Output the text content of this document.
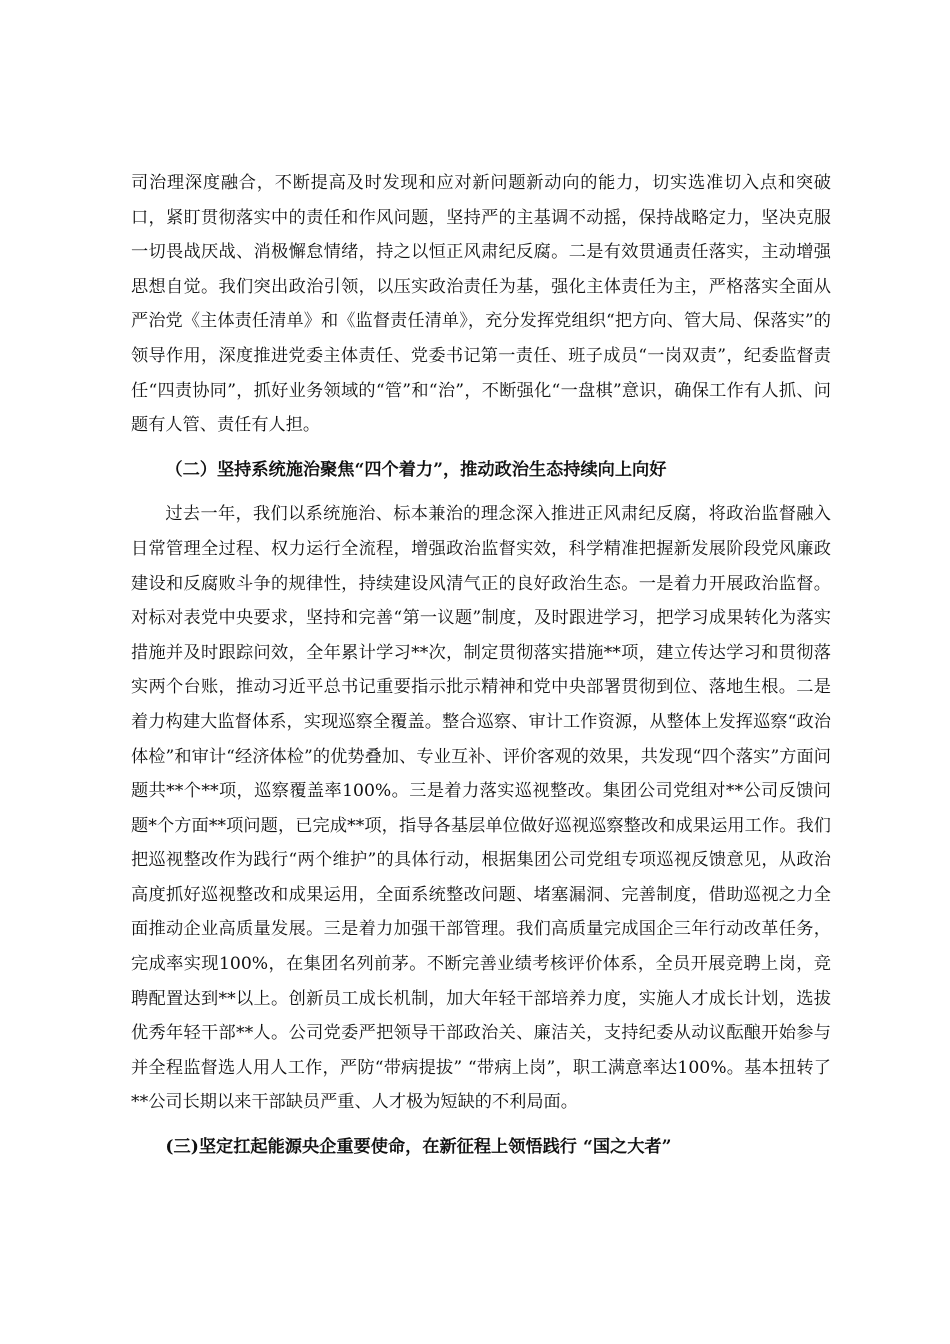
司治理深度融合，不断提高及时发现和应对新问题新动向的能力，切实选准切入点和突破口，紧盯贯彻落实中的责任和作风问题，坚持严的主基调不动摇，保持战略定力，坚决克服一切畏战厌战、消极懈怠情绪，持之以恒正风肃纪反腐。二是有效贯通责任落实，主动增强思想自觉。我们突出政治引领，以压实政治责任为基，强化主体责任为主，严格落实全面从严治党《主体责任清单》和《监督责任清单》，充分发挥党组织“把方向、管大局、保落实”的领导作用，深度推进党委主体责任、党委书记第一责任、班子成员“一岗双责”，纪委监督责任“四责协同”，抓好业务领域的“管”和“治”，不断强化“一盘棋”意识，确保工作有人抓、问题有人管、责任有人担。

（二）坚持系统施治聚焦“四个着力”，推动政治生态持续向上向好

过去一年，我们以系统施治、标本兼治的理念深入推进正风肃纪反腐，将政治监督融入日常管理全过程、权力运行全流程，增强政治监督实效，科学精准把握新发展阶段党风廉政建设和反腐败斗争的规律性，持续建设风清气正的良好政治生态。一是着力开展政治监督。对标对表党中央要求，坚持和完善“第一议题”制度，及时跟进学习，把学习成果转化为落实措施并及时跟踪问效，全年累计学习**次，制定贯彻落实措施**项，建立传达学习和贯彻落实两个台账，推动习近平总书记重要指示批示精神和党中央部署贯彻到位、落地生根。二是着力构建大监督体系，实现巡察全覆盖。整合巡察、审计工作资源，从整体上发挥巡察“政治体检”和审计“经济体检”的优势叠加、专业互补、评价客观的效果，共发现“四个落实”方面问题共**个**项，巡察覆盖率100%。三是着力落实巡视整改。集团公司党组对**公司反馈问题*个方面**项问题，已完成**项，指导各基层单位做好巡视巡察整改和成果运用工作。我们把巡视整改作为践行“两个维护”的具体行动，根据集团公司党组专项巡视反馈意见，从政治高度抓好巡视整改和成果运用，全面系统整改问题、堵塞漏洞、完善制度，借助巡视之力全面推动企业高质量发展。三是着力加强干部管理。我们高质量完成国企三年行动改革任务，完成率实现100%，在集团名列前茅。不断完善业绩考核评价体系，全员开展竞聘上岗，竞聘配置达到**以上。创新员工成长机制，加大年轻干部培养力度，实施人才成长计划，选拔优秀年轻干部**人。公司党委严把领导干部政治关、廉洁关，支持纪委从动议酝酿开始参与并全程监督选人用人工作，严防“带病提拔” “带病上岗”，职工满意率达100%。基本扭转了**公司长期以来干部缺员严重、人才极为短缺的不利局面。

(三)坚定扛起能源央企重要使命，在新征程上领悟践行 “国之大者”
